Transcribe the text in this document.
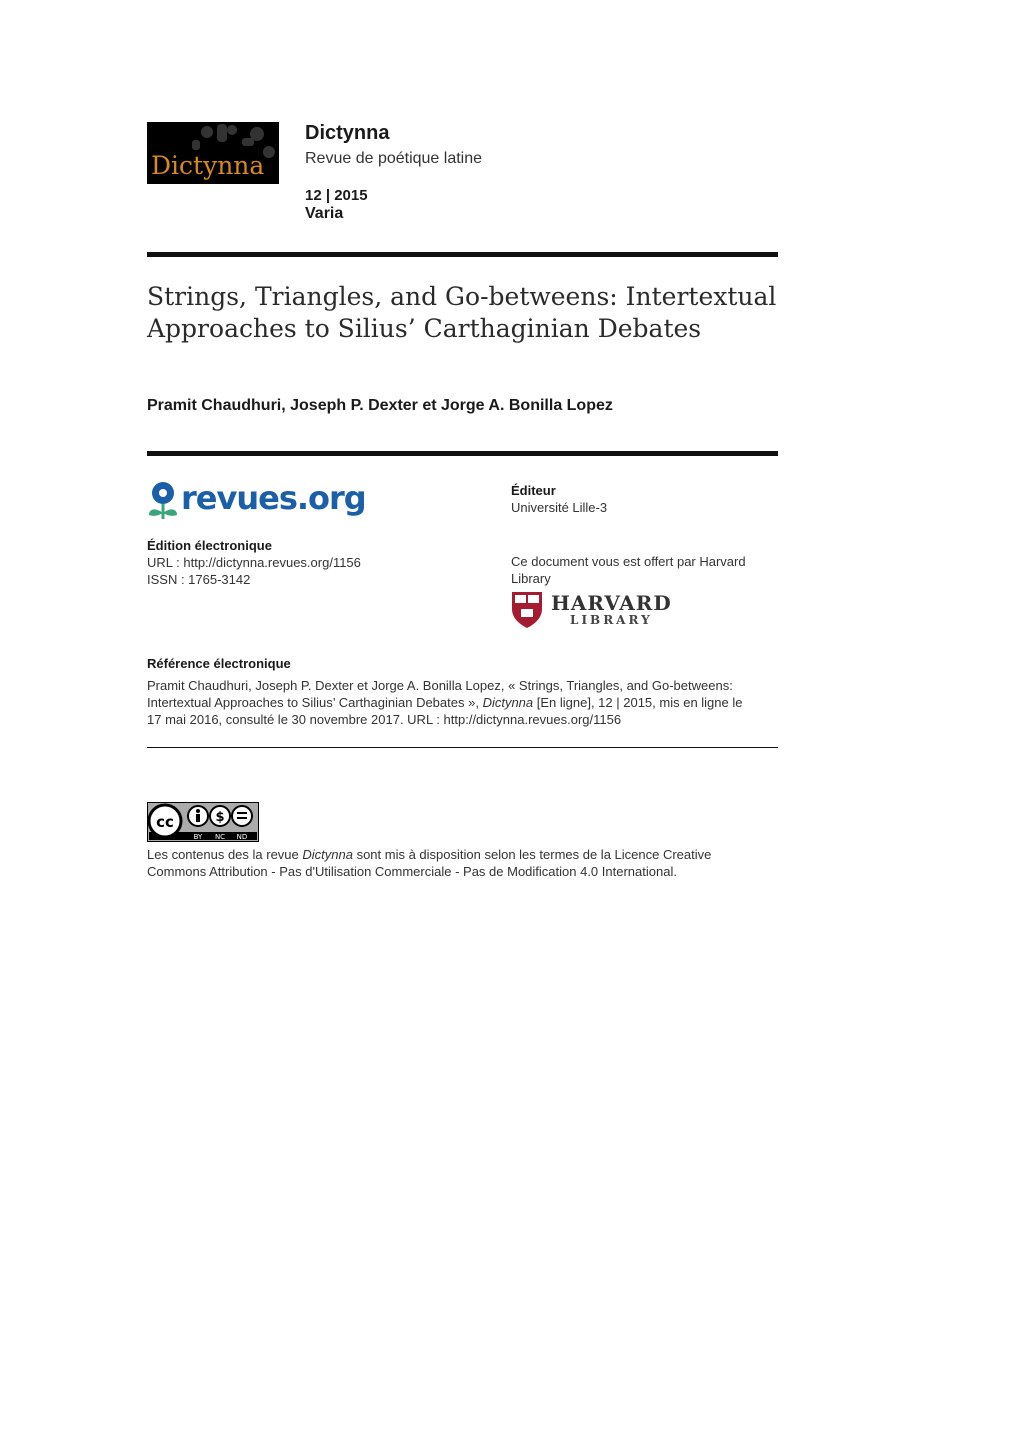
Dictynna
Dictynna
Revue de poétique latine
12 | 2015
Varia
Strings, Triangles, and Go-betweens: Intertextual
Approaches to Silius’ Carthaginian Debates
Pramit Chaudhuri, Joseph P. Dexter et Jorge A. Bonilla Lopez
revues.org	Éditeur
Université Lille-3
Édition électronique
URL : http://dictynna.revues.org/1156
ISSN : 1765-3142
Ce document vous est offert par Harvard
Library
HARVARD
LIBRARY
Référence électronique
Pramit Chaudhuri, Joseph P. Dexter et Jorge A. Bonilla Lopez, « Strings, Triangles, and Go-betweens:
Intertextual Approaches to Silius’ Carthaginian Debates », Dictynna [En ligne], 12 | 2015, mis en ligne le
17 mai 2016, consulté le 30 novembre 2017. URL : http://dictynna.revues.org/1156
cc	$
BY NC ND
Les contenus des la revue Dictynna sont mis à disposition selon les termes de la Licence Creative
Commons Attribution - Pas d'Utilisation Commerciale - Pas de Modification 4.0 International.
